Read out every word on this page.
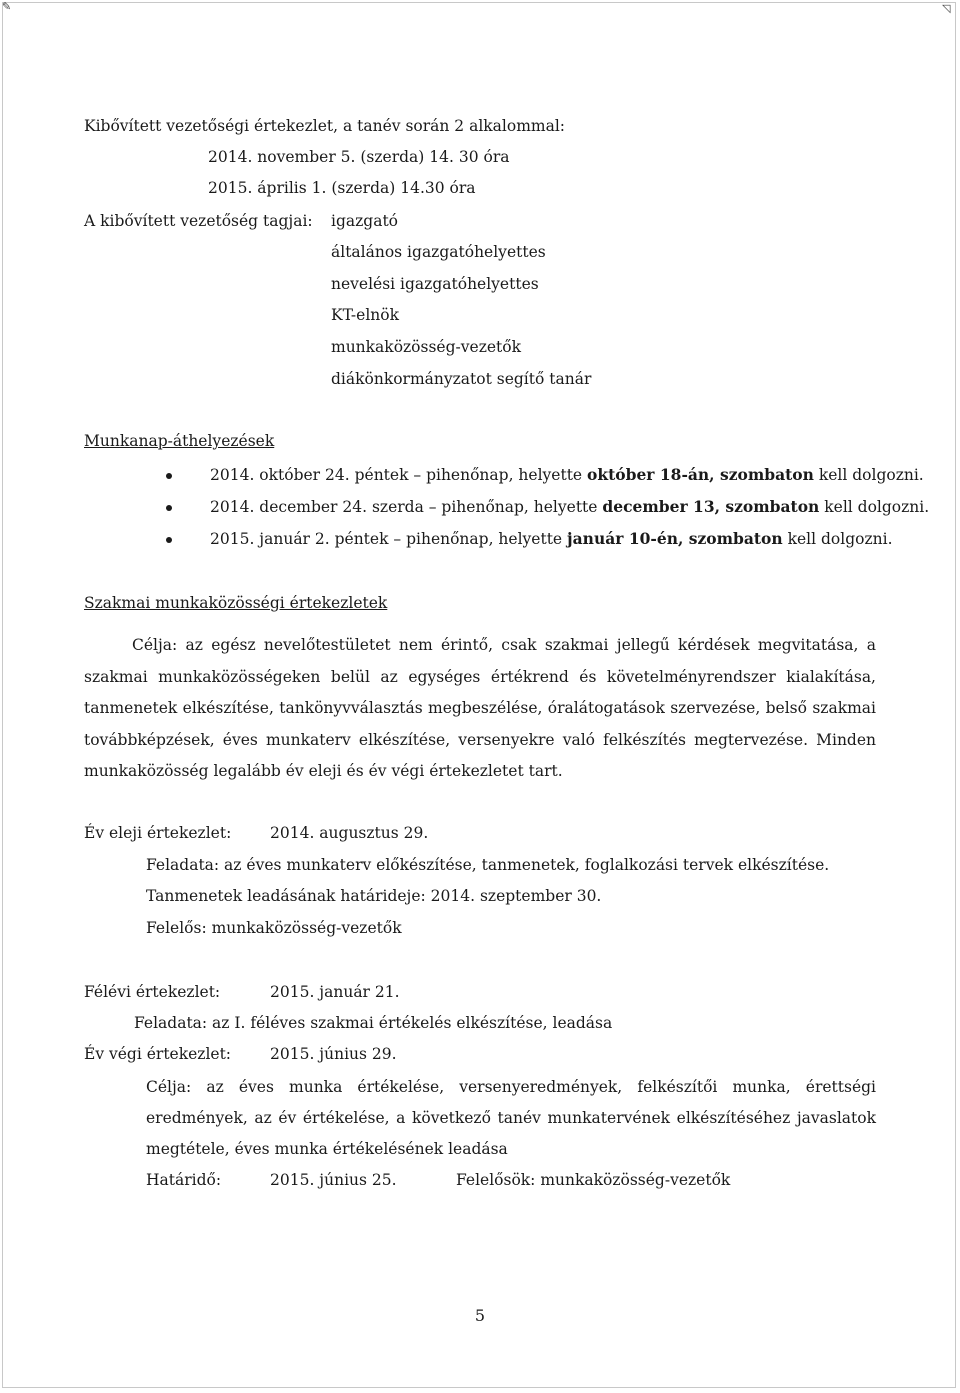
✎	◹
Kibővített vezetőségi értekezlet, a tanév során 2 alkalommal:
2014. november 5. (szerda) 14. 30 óra
2015. április 1. (szerda) 14.30 óra
A kibővített vezetőség tagjai: igazgató
általános igazgatóhelyettes
nevelési igazgatóhelyettes
KT-elnök
munkaközösség-vezetők
diákönkormányzatot segítő tanár
Munkanap-áthelyezések
2014. október 24. péntek – pihenőnap, helyette október 18-án, szombaton kell dolgozni.
2014. december 24. szerda – pihenőnap, helyette december 13, szombaton kell dolgozni.
2015. január 2. péntek – pihenőnap, helyette január 10-én, szombaton kell dolgozni.
Szakmai munkaközösségi értekezletek
Célja: az egész nevelőtestületet nem érintő, csak szakmai jellegű kérdések megvitatása, a szakmai munkaközösségeken belül az egységes értékrend és követelményrendszer kialakítása, tanmenetek elkészítése, tankönyvválasztás megbeszélése, óralátogatások szervezése, belső szakmai továbbképzések, éves munkaterv elkészítése, versenyekre való felkészítés megtervezése. Minden munkaközösség legalább év eleji és év végi értekezletet tart.
Év eleji értekezlet: 2014. augusztus 29.
Feladata: az éves munkaterv előkészítése, tanmenetek, foglalkozási tervek elkészítése.
Tanmenetek leadásának határideje: 2014. szeptember 30.
Felelős: munkaközösség-vezetők
Félévi értekezlet:	2015. január 21.
Feladata: az I. féléves szakmai értékelés elkészítése, leadása
Év végi értekezlet:	2015. június 29.
Célja: az éves munka értékelése, versenyeredmények, felkészítői munka, érettségi eredmények, az év értékelése, a következő tanév munkatervének elkészítéséhez javaslatok megtétele, éves munka értékelésének leadása
Határidő:	2015. június 25.	Felelősök: munkaközösség-vezetők
5
